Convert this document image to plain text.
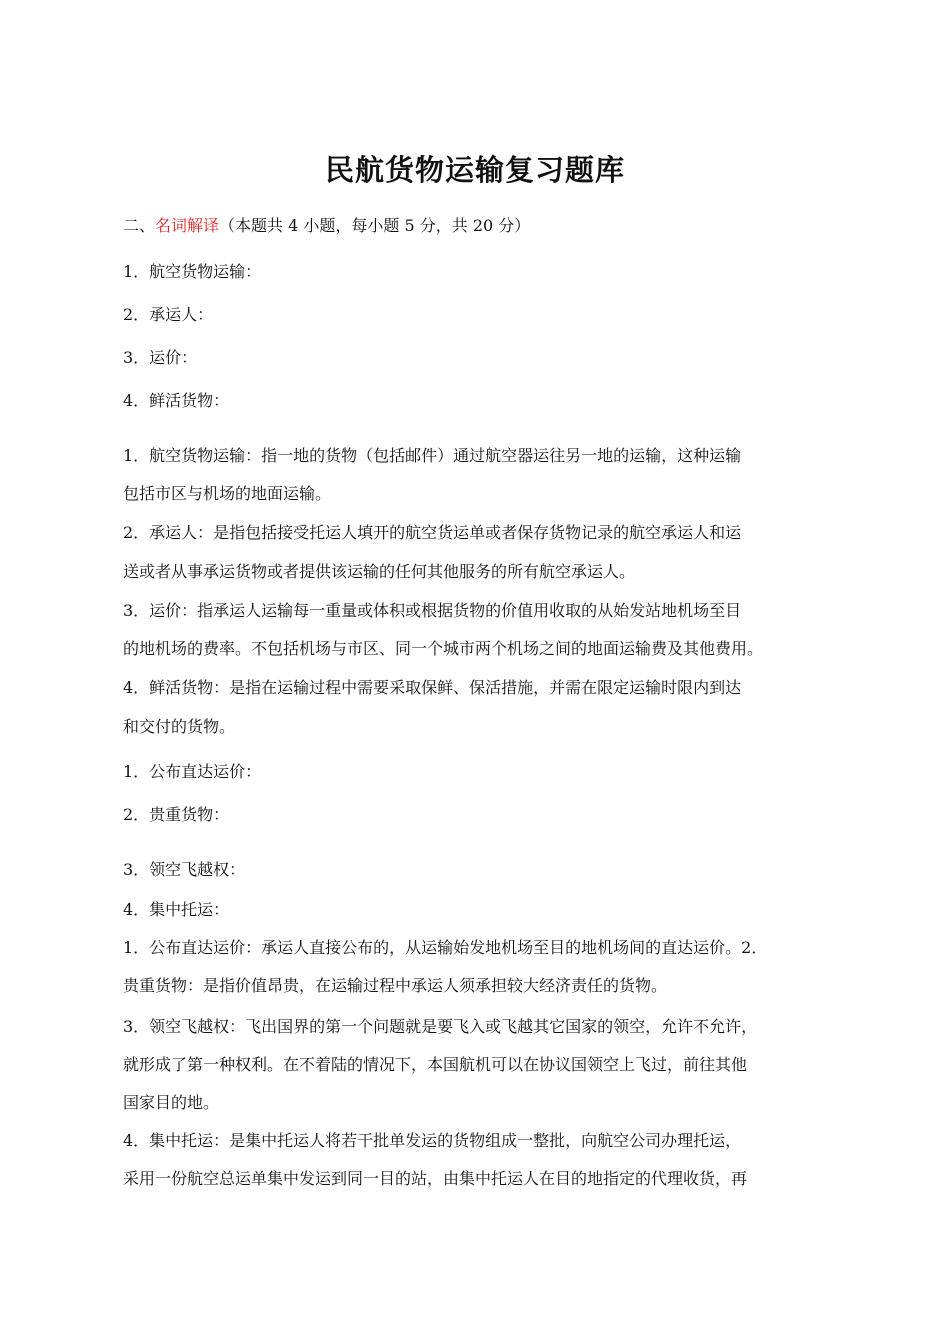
民航货物运输复习题库
二、名词解译（本题共 4 小题，每小题 5 分，共 20 分）
1．航空货物运输：
2．承运人：
3．运价：
4．鲜活货物：
1．航空货物运输：指一地的货物（包括邮件）通过航空器运往另一地的运输，这种运输
包括市区与机场的地面运输。
2．承运人：是指包括接受托运人填开的航空货运单或者保存货物记录的航空承运人和运
送或者从事承运货物或者提供该运输的任何其他服务的所有航空承运人。
3．运价：指承运人运输每一重量或体积或根据货物的价值用收取的从始发站地机场至目
的地机场的费率。不包括机场与市区、同一个城市两个机场之间的地面运输费及其他费用。
4．鲜活货物：是指在运输过程中需要采取保鲜、保活措施，并需在限定运输时限内到达
和交付的货物。
1．公布直达运价：
2．贵重货物：
3．领空飞越权：
4．集中托运：
1．公布直达运价：承运人直接公布的，从运输始发地机场至目的地机场间的直达运价。2．
贵重货物：是指价值昂贵，在运输过程中承运人须承担较大经济责任的货物。
3．领空飞越权：飞出国界的第一个问题就是要飞入或飞越其它国家的领空，允许不允许，
就形成了第一种权利。在不着陆的情况下，本国航机可以在协议国领空上飞过，前往其他
国家目的地。
4．集中托运：是集中托运人将若干批单发运的货物组成一整批，向航空公司办理托运，
采用一份航空总运单集中发运到同一目的站，由集中托运人在目的地指定的代理收货，再
